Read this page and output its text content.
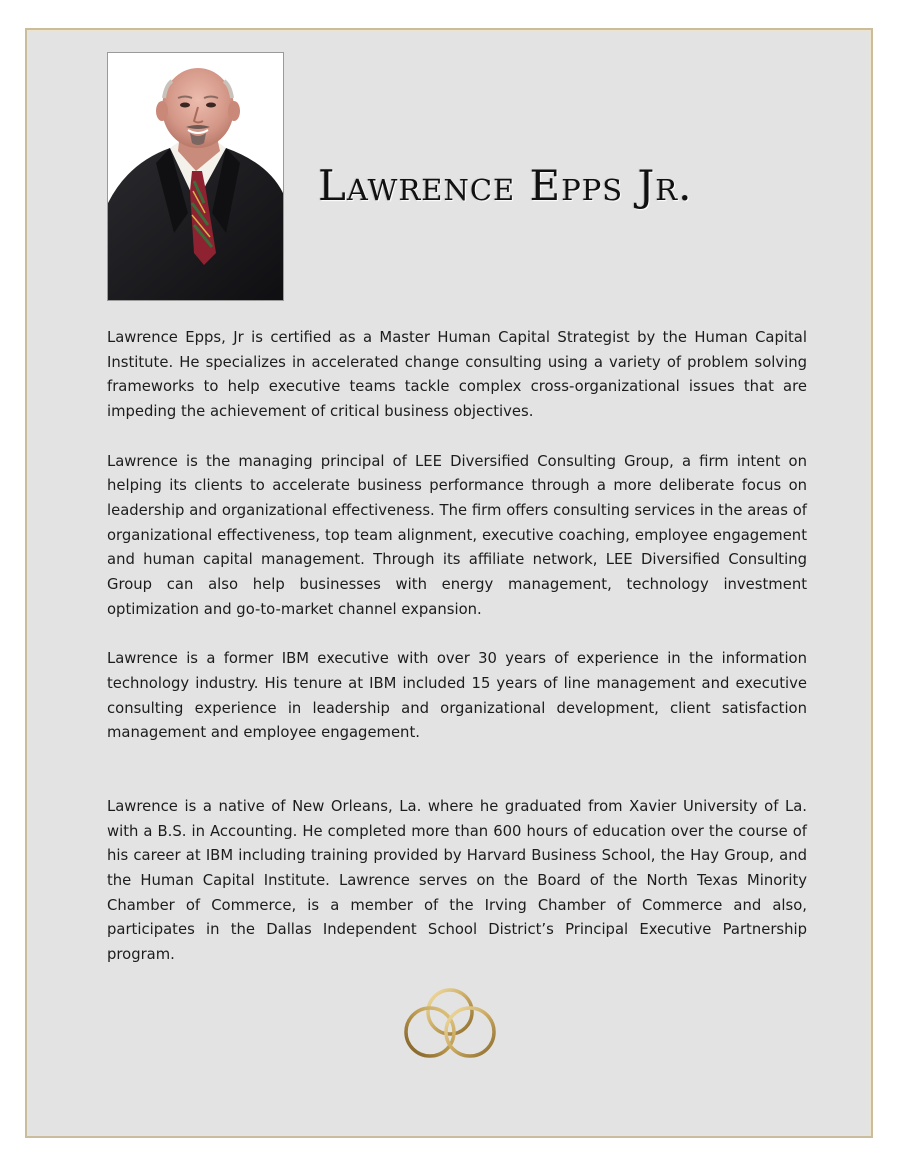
Lawrence Epps Jr.

Lawrence Epps, Jr is certified as a Master Human Capital Strategist by the Human Capital Institute. He specializes in accelerated change consulting using a variety of problem solving frameworks to help executive teams tackle complex cross-organizational issues that are impeding the achievement of critical business objectives.

Lawrence is the managing principal of LEE Diversified Consulting Group, a firm intent on helping its clients to accelerate business performance through a more deliberate focus on leadership and organizational effectiveness. The firm offers consulting services in the areas of organizational effectiveness, top team alignment, executive coaching, employee engagement and human capital management. Through its affiliate network, LEE Diversified Consulting Group can also help businesses with energy management, technology investment optimization and go-to-market channel expansion.

Lawrence is a former IBM executive with over 30 years of experience in the information technology industry. His tenure at IBM included 15 years of line management and executive consulting experience in leadership and organizational development, client satisfaction management and employee engagement.

Lawrence is a native of New Orleans, La. where he graduated from Xavier University of La. with a B.S. in Accounting. He completed more than 600 hours of education over the course of his career at IBM including training provided by Harvard Business School, the Hay Group, and the Human Capital Institute. Lawrence serves on the Board of the North Texas Minority Chamber of Commerce, is a member of the Irving Chamber of Commerce and also, participates in the Dallas Independent School District’s Principal Executive Partnership program.
